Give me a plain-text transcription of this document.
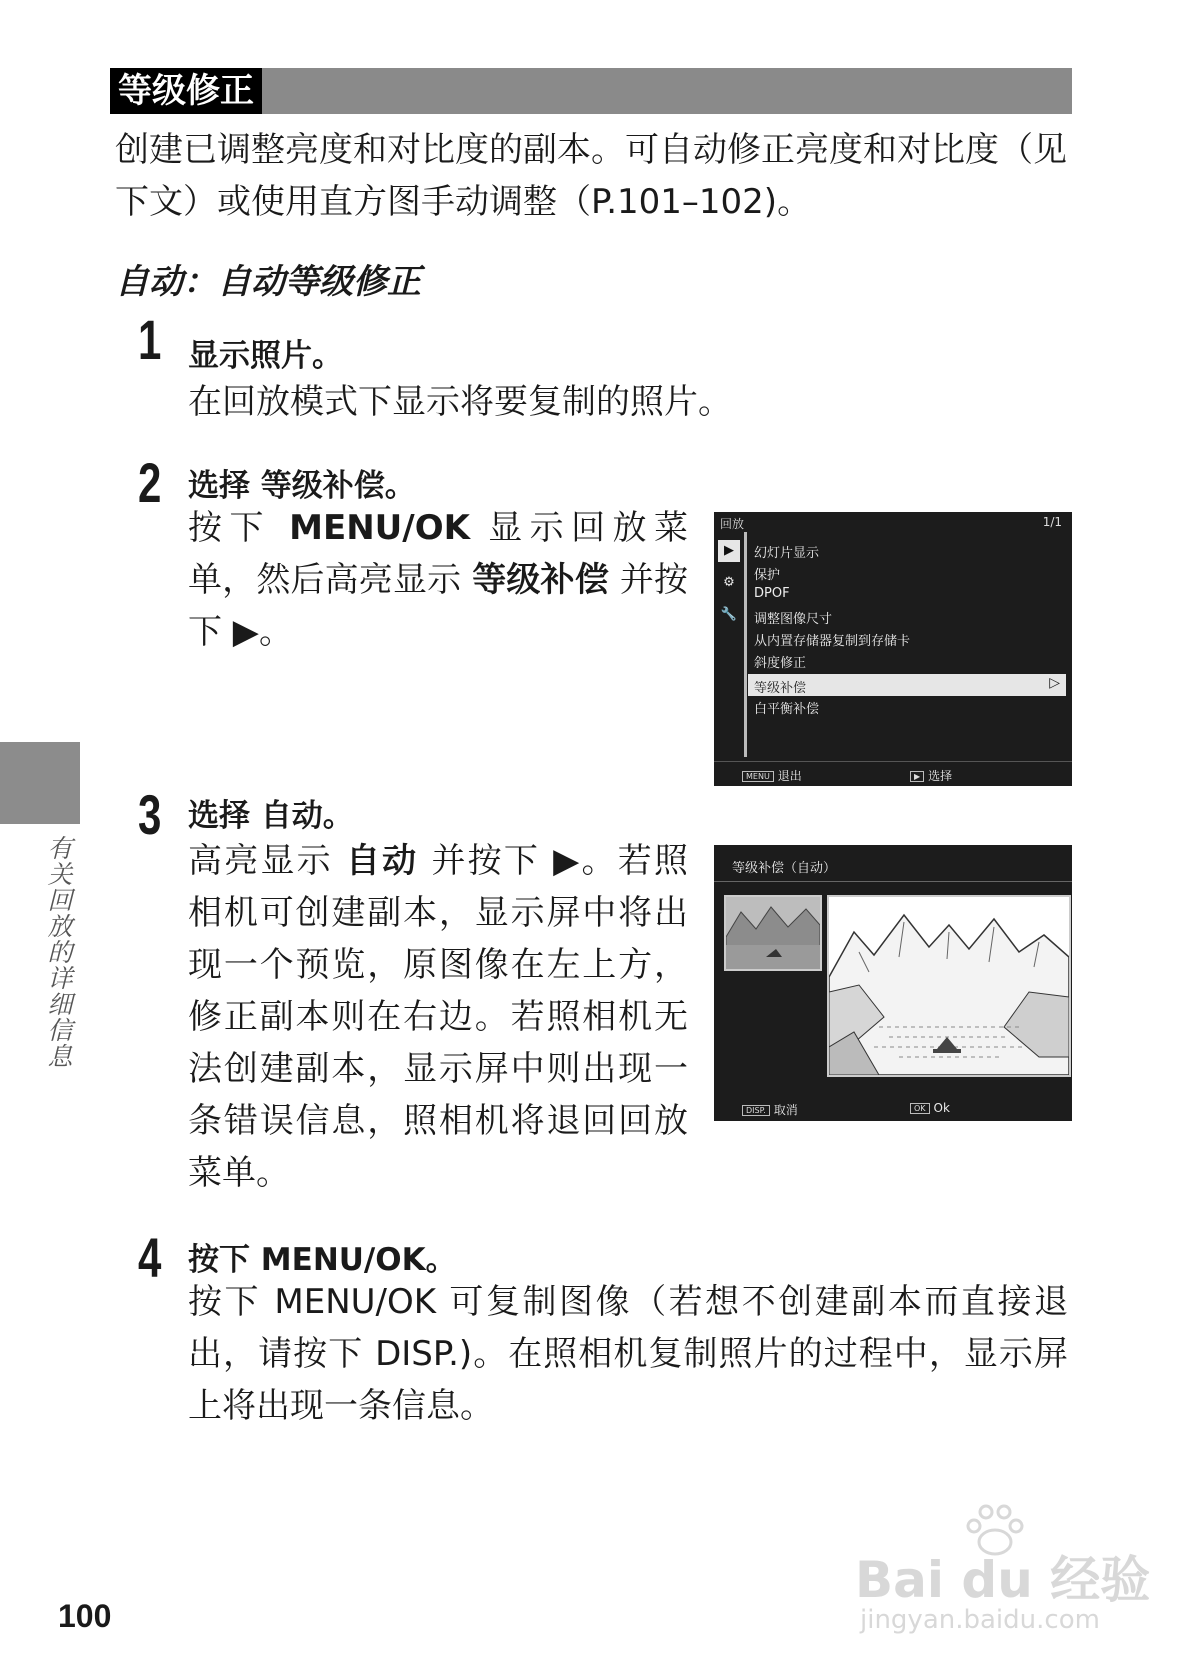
等级修正
创建已调整亮度和对比度的副本。可自动修正亮度和对比度（见下文）或使用直方图手动调整（P.101–102)。
自动：自动等级修正
1 显示照片。
在回放模式下显示将要复制的照片。
2 选择 等级补偿。
按下 MENU/OK 显示回放菜单，然后高亮显示 等级补偿 并按下 ▶。
3 选择 自动。
高亮显示 自动 并按下 ▶。若照相机可创建副本，显示屏中将出现一个预览，原图像在左上方，修正副本则在右边。若照相机无法创建副本，显示屏中则出现一条错误信息，照相机将退回回放菜单。
4 按下 MENU/OK。
按下 MENU/OK 可复制图像（若想不创建副本而直接退出，请按下 DISP.)。在照相机复制照片的过程中，显示屏上将出现一条信息。
回放	1/1
▶
⚙
🔧
▷
幻灯片显示
保护
DPOF
调整图像尺寸
从内置存储器复制到存储卡
斜度修正
等级补偿
白平衡补偿
MENU 退出	▶ 选择
等级补偿（自动）
DISP. 取消	OK Ok
有关回放的详细信息
100
Bai du 经验
jingyan.baidu.com
